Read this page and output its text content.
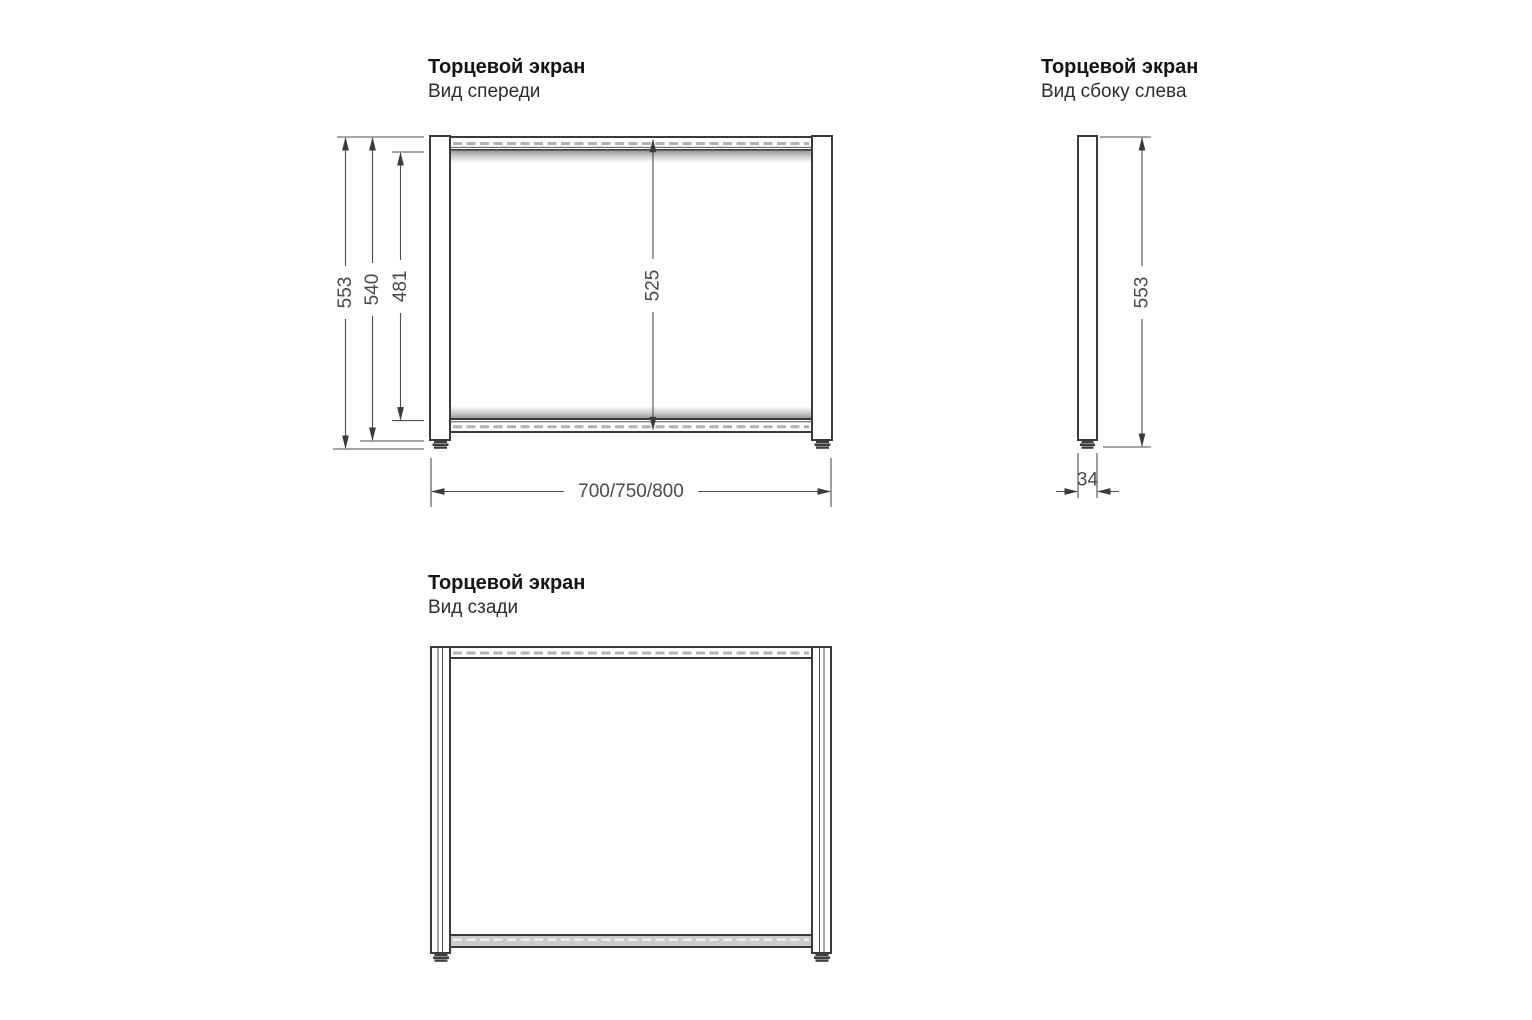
Торцевой экран
Вид спереди
Торцевой экран
Вид сбоку слева
Торцевой экран
Вид сзади
553 540 481	525
700/750/800
553
34
